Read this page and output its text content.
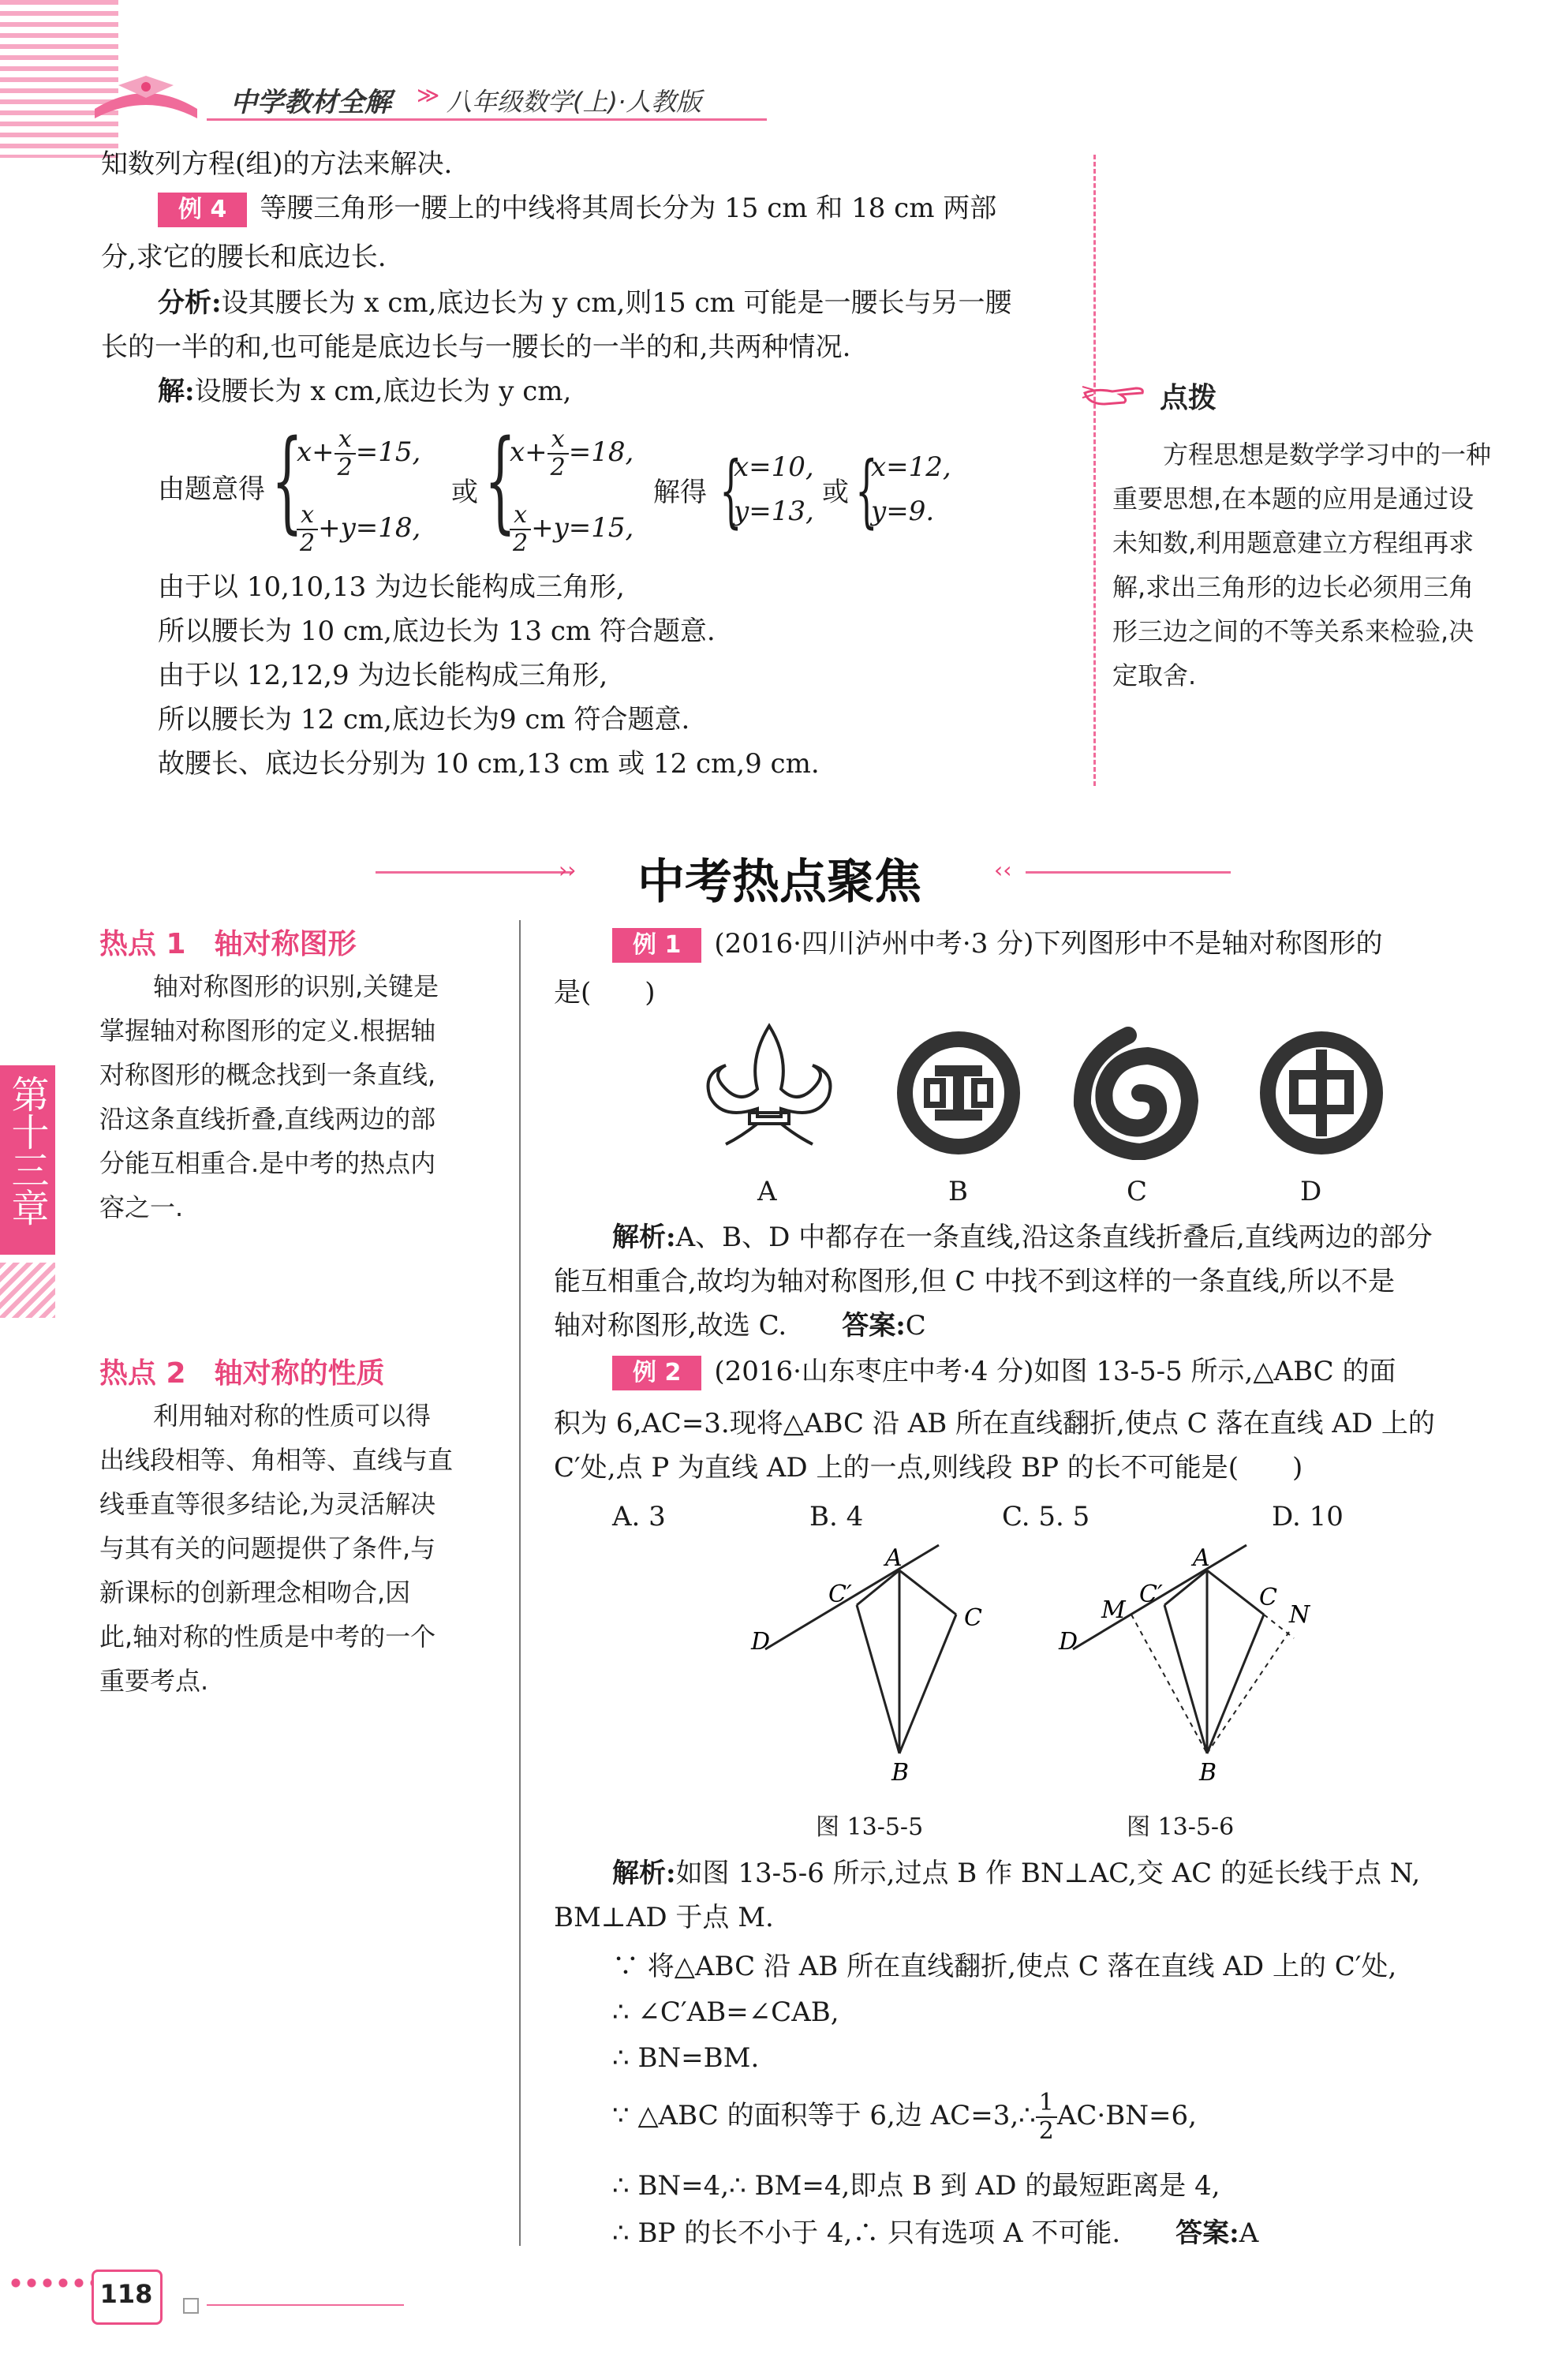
中学教材全解 ≫ 八年级数学(上)·人教版
知数列方程(组)的方法来解决.
例 4 等腰三角形一腰上的中线将其周长分为 15 cm 和 18 cm 两部
分,求它的腰长和底边长.
分析:设其腰长为 x cm,底边长为 y cm,则15 cm 可能是一腰长与另一腰
长的一半的和,也可能是底边长与一腰长的一半的和,共两种情况.
解:设腰长为 x cm,底边长为 y cm,
由题意得 {
$x+ \frac{x}{2} =15$,
$\frac{x}{2} +y=18$,
或 {
$x+ \frac{x}{2} =18$,
$\frac{x}{2} +y=15$,
解得 {
x=10,
y=13,
或 {
x=12,
y=9.
由于以 10,10,13 为边长能构成三角形,
所以腰长为 10 cm,底边长为 13 cm 符合题意.
由于以 12,12,9 为边长能构成三角形,
所以腰长为 12 cm,底边长为9 cm 符合题意.
故腰长、底边长分别为 10 cm,13 cm 或 12 cm,9 cm.
点拨
方程思想是数学学习中的一种
重要思想,在本题的应用是通过设
未知数,利用题意建立方程组再求
解,求出三角形的边长必须用三角
形三边之间的不等关系来检验,决
定取舍.
›› 中考热点聚焦	‹‹
第十三章
热点 1　轴对称图形
轴对称图形的识别,关键是
掌握轴对称图形的定义.根据轴
对称图形的概念找到一条直线,
沿这条直线折叠,直线两边的部
分能互相重合.是中考的热点内
容之一.
热点 2　轴对称的性质
利用轴对称的性质可以得
出线段相等、角相等、直线与直
线垂直等很多结论,为灵活解决
与其有关的问题提供了条件,与
新课标的创新理念相吻合,因
此,轴对称的性质是中考的一个
重要考点.
例 1 (2016·四川泸州中考·3 分)下列图形中不是轴对称图形的
是(　　)
A	B	C	D
解析:A、B、D 中都存在一条直线,沿这条直线折叠后,直线两边的部分
能互相重合,故均为轴对称图形,但 C 中找不到这样的一条直线,所以不是
轴对称图形,故选 C. 答案:C
例 2 (2016·山东枣庄中考·4 分)如图 13-5-5 所示,△ABC 的面
积为 6,AC=3.现将△ABC 沿 AB 所在直线翻折,使点 C 落在直线 AD 上的
C′处,点 P 为直线 AD 上的一点,则线段 BP 的长不可能是(　　)
A. 3	B. 4	C. 5. 5	D. 10
A
C′
C
D
B
A
M
C′	C
N
D
B
图 13-5-5	图 13-5-6
解析:如图 13-5-6 所示,过点 B 作 BN⊥AC,交 AC 的延长线于点 N,
BM⊥AD 于点 M.
∵ 将△ABC 沿 AB 所在直线翻折,使点 C 落在直线 AD 上的 C′处,
∴ ∠C′AB=∠CAB,
∴ BN=BM.
∵ △ABC 的面积等于 6,边 AC=3,∴ $\frac{1}{2} AC\cdot BN=6$,
∴ BN=4,∴ BM=4,即点 B 到 AD 的最短距离是 4,
∴ BP 的长不小于 4,∴ 只有选项 A 不可能. 答案:A
118
